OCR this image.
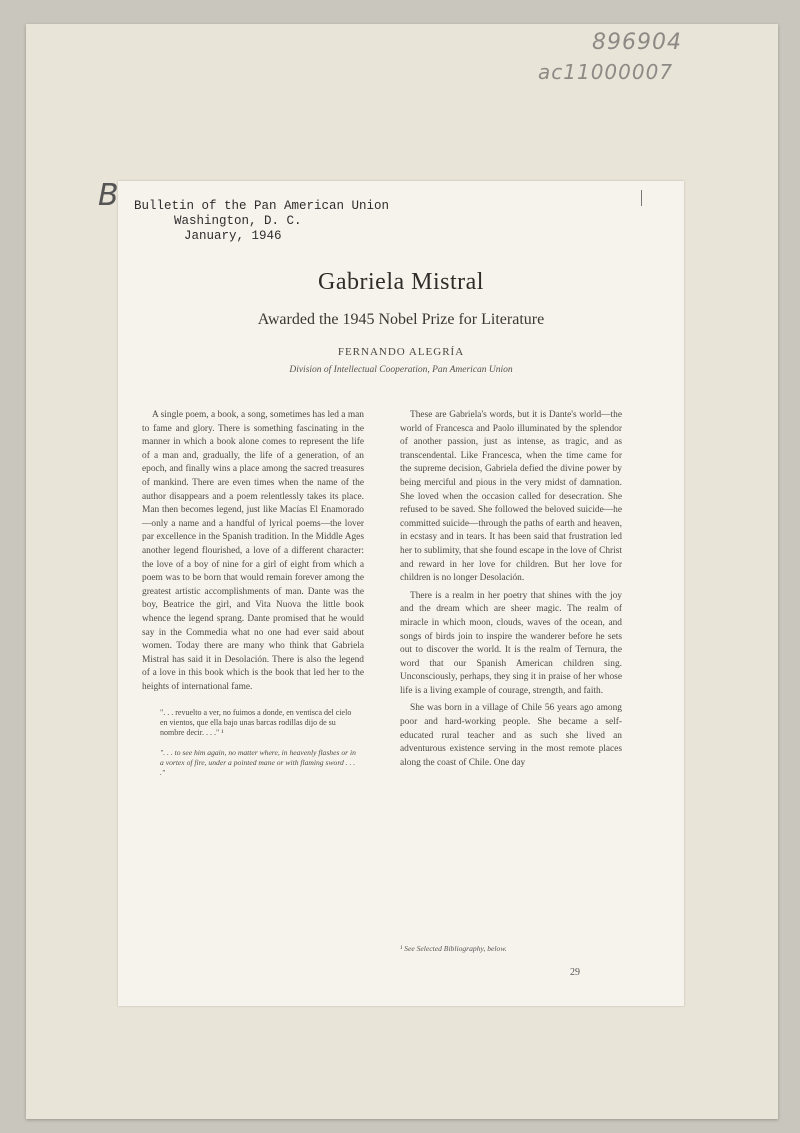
896904
ac11000007
Bulletin of the Pan American Union
Washington, D. C.
January, 1946
Gabriela Mistral
Awarded the 1945 Nobel Prize for Literature
FERNANDO ALEGRÍA
Division of Intellectual Cooperation, Pan American Union

A single poem, a book, a song, sometimes has led a man to fame and glory. There is something fascinating in the manner in which a book alone comes to represent the life of a man and, gradually, the life of a generation, of an epoch, and finally wins a place among the sacred treasures of mankind. There are even times when the name of the author disappears and a poem relentlessly takes its place. Man then becomes legend, just like Macías El Enamorado—only a name and a handful of lyrical poems—the lover par excellence in the Spanish tradition. In the Middle Ages another legend flourished, a love of a different character: the love of a boy of nine for a girl of eight from which a poem was to be born that would remain forever among the greatest artistic accomplishments of man. Dante was the boy, Beatrice the girl, and Vita Nuova the little book whence the legend sprang. Dante promised that he would say in the Commedia what no one had ever said about women. Today there are many who think that Gabriela Mistral has said it in Desolación. There is also the legend of a love in this book which is the book that led her to the heights of international fame.

". . . revuelto a ver, no fuimos a donde, en ventisca del cielo en vientos, que ella bajo unas barcas rodillas dijo de su nombre decir. . . ." ¹

". . . to see him again, no matter where, in heavenly flashes or in a vortex of fire, under a pointed mane or with flaming sword . . . ."

These are Gabriela's words, but it is Dante's world—the world of Francesca and Paolo illuminated by the splendor of another passion, just as intense, as tragic, and as transcendental. Like Francesca, when the time came for the supreme decision, Gabriela defied the divine power by being merciful and pious in the very midst of damnation. She loved when the occasion called for desecration. She refused to be saved. She followed the beloved suicide—he committed suicide—through the paths of earth and heaven, in ecstasy and in tears. It has been said that frustration led her to sublimity, that she found escape in the love of Christ and reward in her love for children. But her love for children is no longer Desolación.

There is a realm in her poetry that shines with the joy and the dream which are sheer magic. The realm of miracle in which moon, clouds, waves of the ocean, and songs of birds join to inspire the wanderer before he sets out to discover the world. It is the realm of Ternura, the word that our Spanish American children sing. Unconsciously, perhaps, they sing it in praise of her whose life is a living example of courage, strength, and faith.

She was born in a village of Chile 56 years ago among poor and hard-working people. She became a self-educated rural teacher and as such she lived an adventurous existence serving in the most remote places along the coast of Chile. One day

¹ See Selected Bibliography, below.
29
B
